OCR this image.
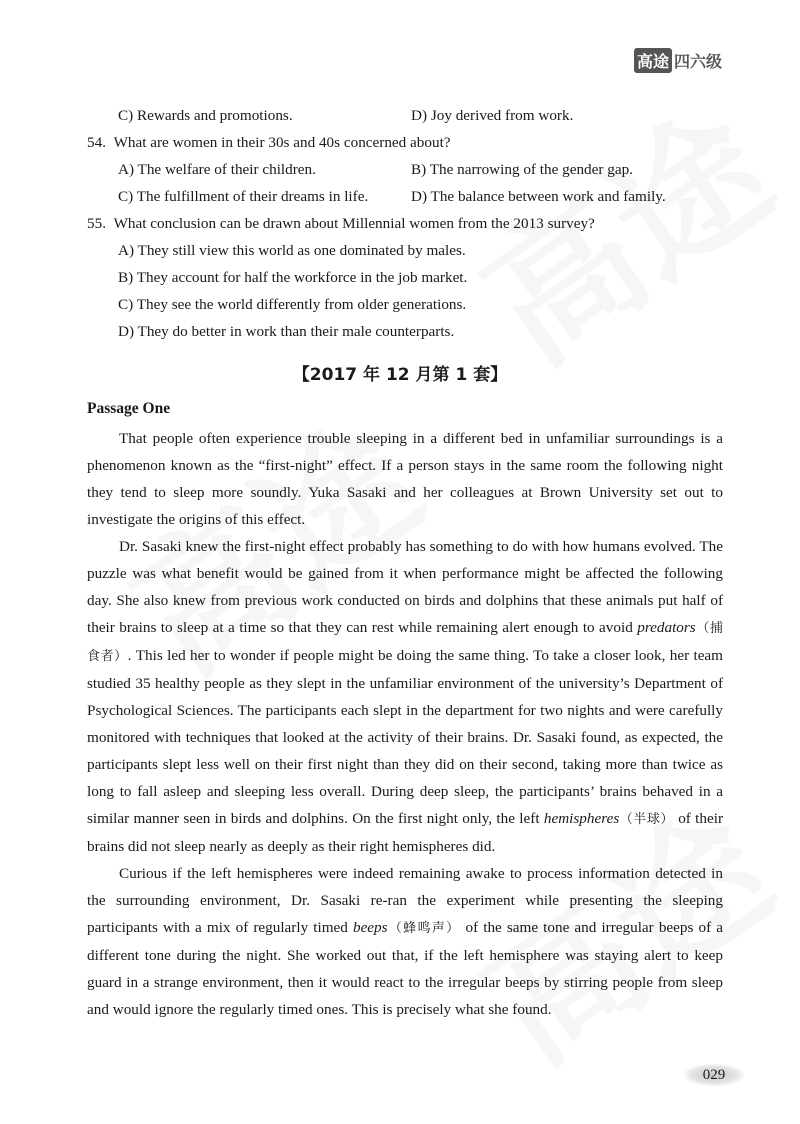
高途 四六级
C) Rewards and promotions.	D) Joy derived from work.
54.  What are women in their 30s and 40s concerned about?
A) The welfare of their children.	B) The narrowing of the gender gap.
C) The fulfillment of their dreams in life.	D) The balance between work and family.
55.  What conclusion can be drawn about Millennial women from the 2013 survey?
A) They still view this world as one dominated by males.
B) They account for half the workforce in the job market.
C) They see the world differently from older generations.
D) They do better in work than their male counterparts.
【2017 年 12 月第 1 套】
Passage One

That people often experience trouble sleeping in a different bed in unfamiliar surroundings is a phenomenon known as the “first-night” effect. If a person stays in the same room the following night they tend to sleep more soundly. Yuka Sasaki and her colleagues at Brown University set out to investigate the origins of this effect.

Dr. Sasaki knew the first-night effect probably has something to do with how humans evolved. The puzzle was what benefit would be gained from it when performance might be affected the following day. She also knew from previous work conducted on birds and dolphins that these animals put half of their brains to sleep at a time so that they can rest while remaining alert enough to avoid predators（捕食者）. This led her to wonder if people might be doing the same thing. To take a closer look, her team studied 35 healthy people as they slept in the unfamiliar environment of the university’s Department of Psychological Sciences. The participants each slept in the department for two nights and were carefully monitored with techniques that looked at the activity of their brains. Dr. Sasaki found, as expected, the participants slept less well on their first night than they did on their second, taking more than twice as long to fall asleep and sleeping less overall. During deep sleep, the participants’ brains behaved in a similar manner seen in birds and dolphins. On the first night only, the left hemispheres（半球） of their brains did not sleep nearly as deeply as their right hemispheres did.

Curious if the left hemispheres were indeed remaining awake to process information detected in the surrounding environment, Dr. Sasaki re-ran the experiment while presenting the sleeping participants with a mix of regularly timed beeps（蜂鸣声） of the same tone and irregular beeps of a different tone during the night. She worked out that, if the left hemisphere was staying alert to keep guard in a strange environment, then it would react to the irregular beeps by stirring people from sleep and would ignore the regularly timed ones. This is precisely what she found.

029
